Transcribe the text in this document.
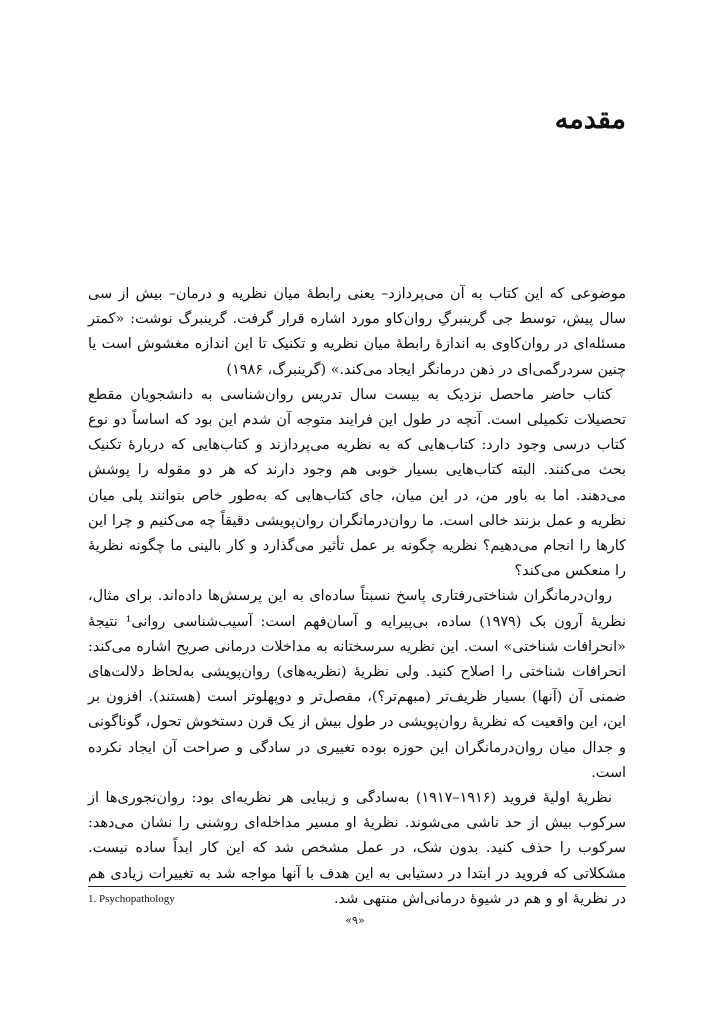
مقدمه

موضوعی که این کتاب به آن می‌پردازد– یعنی رابطهٔ میان نظریه و درمان– بیش از سی سال پیش، توسط جی گرینبرگِ روان‌کاو مورد اشاره قرار گرفت. گرینبرگ نوشت: «کمتر مسئله‌ای در روان‌کاوی به اندازهٔ رابطهٔ میان نظریه و تکنیک تا این اندازه مغشوش است یا چنین سردرگمی‌ای در ذهن درمانگر ایجاد می‌کند.» (گرینبرگ، ۱۹۸۶)

کتاب حاضر ماحصل نزدیک به بیست سال تدریس روان‌شناسی به دانشجویان مقطع تحصیلات تکمیلی است. آنچه در طول این فرایند متوجه آن شدم این بود که اساساً دو نوع کتاب درسی وجود دارد: کتاب‌هایی که به نظریه می‌پردازند و کتاب‌هایی که دربارهٔ تکنیک بحث می‌کنند. البته کتاب‌هایی بسیار خوبی هم وجود دارند که هر دو مقوله را پوشش می‌دهند. اما به باور من، در این میان، جای کتاب‌هایی که به‌طور خاص بتوانند پلی میان نظریه و عمل بزنند خالی است. ما روان‌درمانگران روان‌پویشی دقیقاً چه می‌کنیم و چرا این کارها را انجام می‌دهیم؟ نظریه چگونه بر عمل تأثیر می‌گذارد و کار بالینی ما چگونه نظریهٔ را منعکس می‌کند؟

روان‌درمانگران شناختی‌رفتاری پاسخ نسبتاً ساده‌ای به این پرسش‌ها داده‌اند. برای مثال، نظریهٔ آرون بک (۱۹۷۹) ساده، بی‌پیرایه و آسان‌فهم است: آسیب‌شناسی روانی¹ نتیجهٔ «انحرافات شناختی» است. این نظریه سرسختانه به مداخلات درمانی صریح اشاره می‌کند: انحرافات شناختی را اصلاح کنید. ولی نظریهٔ (نظریه‌های) روان‌پویشی به‌لحاظ دلالت‌های ضمنی آن (آنها) بسیار ظریف‌تر (مبهم‌تر؟)، مفصل‌تر و دوپهلوتر است (هستند). افزون بر این، این واقعیت که نظریهٔ روان‌پویشی در طول بیش از یک قرن دستخوش تحول، گوناگونی و جدال میان روان‌درمانگران این حوزه بوده تغییری در سادگی و صراحت آن ایجاد نکرده است.

نظریهٔ اولیهٔ فروید (۱۹۱۶–۱۹۱۷) به‌سادگی و زیبایی هر نظریه‌ای بود: روان‌نجوری‌ها از سرکوب بیش از حد ناشی می‌شوند. نظریهٔ او مسیر مداخله‌ای روشنی را نشان می‌دهد: سرکوب را حذف کنید. بدون شک، در عمل مشخص شد که این کار ابداً ساده نیست. مشکلاتی که فروید در ابتدا در دستیابی به این هدف با آنها مواجه شد به تغییرات زیادی هم در نظریهٔ او و هم در شیوهٔ درمانی‌اش منتهی شد.

1. Psychopathology
«۹»
